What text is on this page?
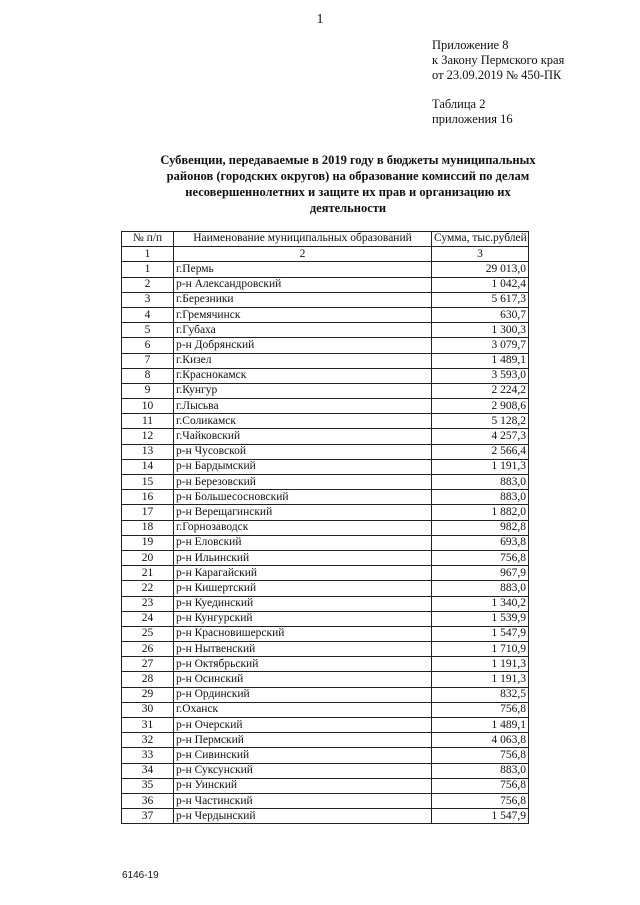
1
Приложение 8
к Закону Пермского края
от 23.09.2019 № 450-ПК
Таблица 2
приложения 16
Субвенции, передаваемые в 2019 году в бюджеты муниципальных районов (городских округов) на образование комиссий по делам несовершеннолетних и защите их прав и организацию их деятельности
№ п/п	Наименование муниципальных образований	Сумма, тыс.рублей
1	2	3
1	г.Пермь	29 013,0
2	р-н Александровский	1 042,4
3	г.Березники	5 617,3
4	г.Гремячинск	630,7
5	г.Губаха	1 300,3
6	р-н Добрянский	3 079,7
7	г.Кизел	1 489,1
8	г.Краснокамск	3 593,0
9	г.Кунгур	2 224,2
10	г.Лысьва	2 908,6
11	г.Соликамск	5 128,2
12	г.Чайковский	4 257,3
13	р-н Чусовской	2 566,4
14	р-н Бардымский	1 191,3
15	р-н Березовский	883,0
16	р-н Большесосновский	883,0
17	р-н Верещагинский	1 882,0
18	г.Горнозаводск	982,8
19	р-н Еловский	693,8
20	р-н Ильинский	756,8
21	р-н Карагайский	967,9
22	р-н Кишертский	883,0
23	р-н Куединский	1 340,2
24	р-н Кунгурский	1 539,9
25	р-н Красновишерский	1 547,9
26	р-н Нытвенский	1 710,9
27	р-н Октябрьский	1 191,3
28	р-н Осинский	1 191,3
29	р-н Ординский	832,5
30	г.Оханск	756,8
31	р-н Очерский	1 489,1
32	р-н Пермский	4 063,8
33	р-н Сивинский	756,8
34	р-н Суксунский	883,0
35	р-н Уинский	756,8
36	р-н Частинский	756,8
37	р-н Чердынский	1 547,9
6146-19
